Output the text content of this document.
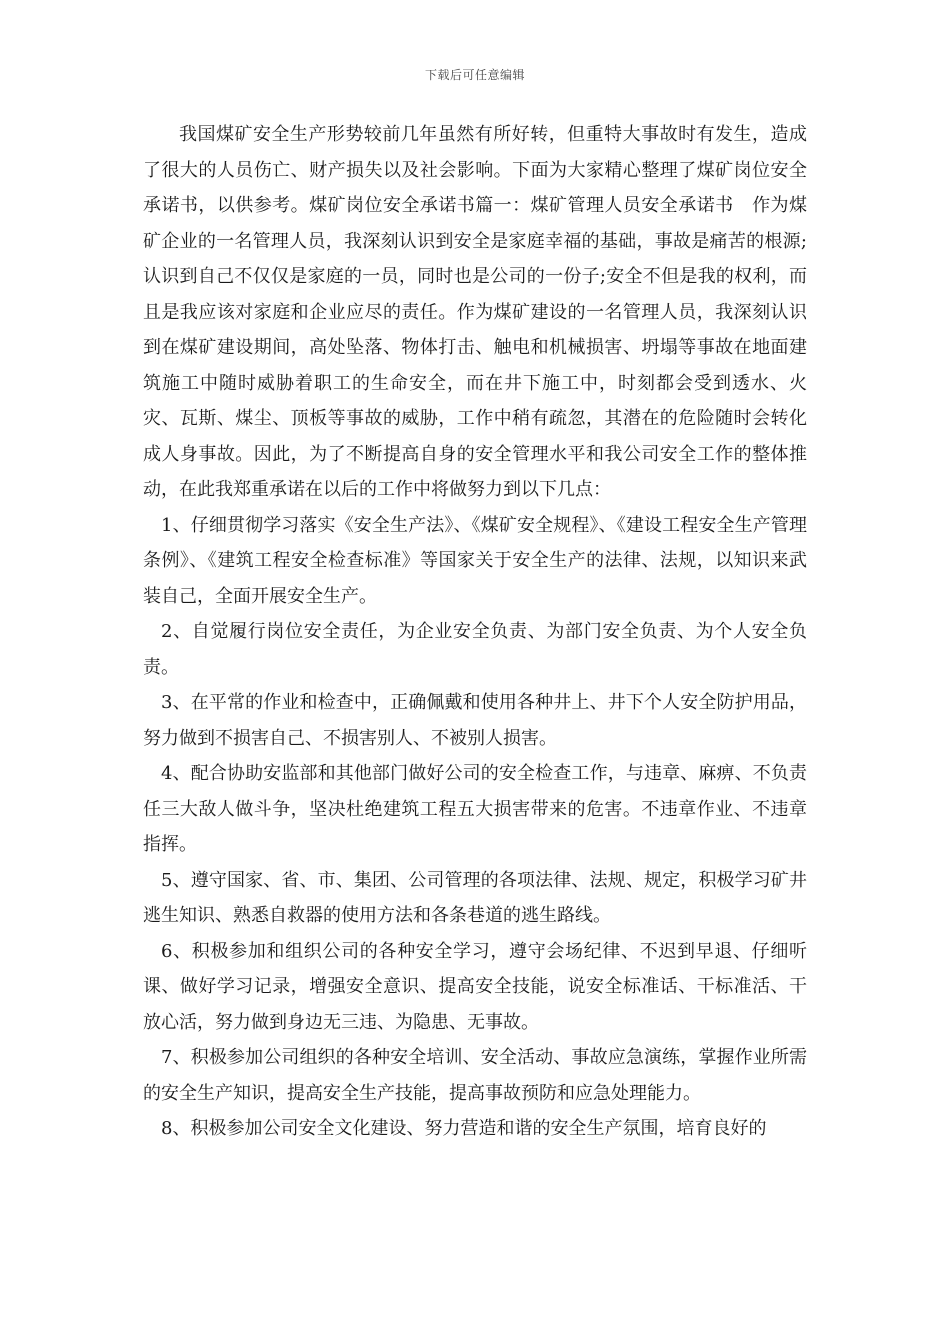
下载后可任意编辑

我国煤矿安全生产形势较前几年虽然有所好转，但重特大事故时有发生，造成了很大的人员伤亡、财产损失以及社会影响。下面为大家精心整理了煤矿岗位安全承诺书，以供参考。煤矿岗位安全承诺书篇一：煤矿管理人员安全承诺书　作为煤矿企业的一名管理人员，我深刻认识到安全是家庭幸福的基础，事故是痛苦的根源;认识到自己不仅仅是家庭的一员，同时也是公司的一份子;安全不但是我的权利，而且是我应该对家庭和企业应尽的责任。作为煤矿建设的一名管理人员，我深刻认识到在煤矿建设期间，高处坠落、物体打击、触电和机械损害、坍塌等事故在地面建筑施工中随时威胁着职工的生命安全，而在井下施工中，时刻都会受到透水、火灾、瓦斯、煤尘、顶板等事故的威胁，工作中稍有疏忽，其潜在的危险随时会转化成人身事故。因此，为了不断提高自身的安全管理水平和我公司安全工作的整体推动，在此我郑重承诺在以后的工作中将做努力到以下几点：

1、仔细贯彻学习落实《安全生产法》、《煤矿安全规程》、《建设工程安全生产管理条例》、《建筑工程安全检查标准》等国家关于安全生产的法律、法规，以知识来武装自己，全面开展安全生产。

2、自觉履行岗位安全责任，为企业安全负责、为部门安全负责、为个人安全负责。

3、在平常的作业和检查中，正确佩戴和使用各种井上、井下个人安全防护用品，努力做到不损害自己、不损害别人、不被别人损害。

4、配合协助安监部和其他部门做好公司的安全检查工作，与违章、麻痹、不负责任三大敌人做斗争，坚决杜绝建筑工程五大损害带来的危害。不违章作业、不违章指挥。

5、遵守国家、省、市、集团、公司管理的各项法律、法规、规定，积极学习矿井逃生知识、熟悉自救器的使用方法和各条巷道的逃生路线。

6、积极参加和组织公司的各种安全学习，遵守会场纪律、不迟到早退、仔细听课、做好学习记录，增强安全意识、提高安全技能，说安全标准话、干标准活、干放心活，努力做到身边无三违、为隐患、无事故。

7、积极参加公司组织的各种安全培训、安全活动、事故应急演练，掌握作业所需的安全生产知识，提高安全生产技能，提高事故预防和应急处理能力。

8、积极参加公司安全文化建设、努力营造和谐的安全生产氛围，培育良好的
